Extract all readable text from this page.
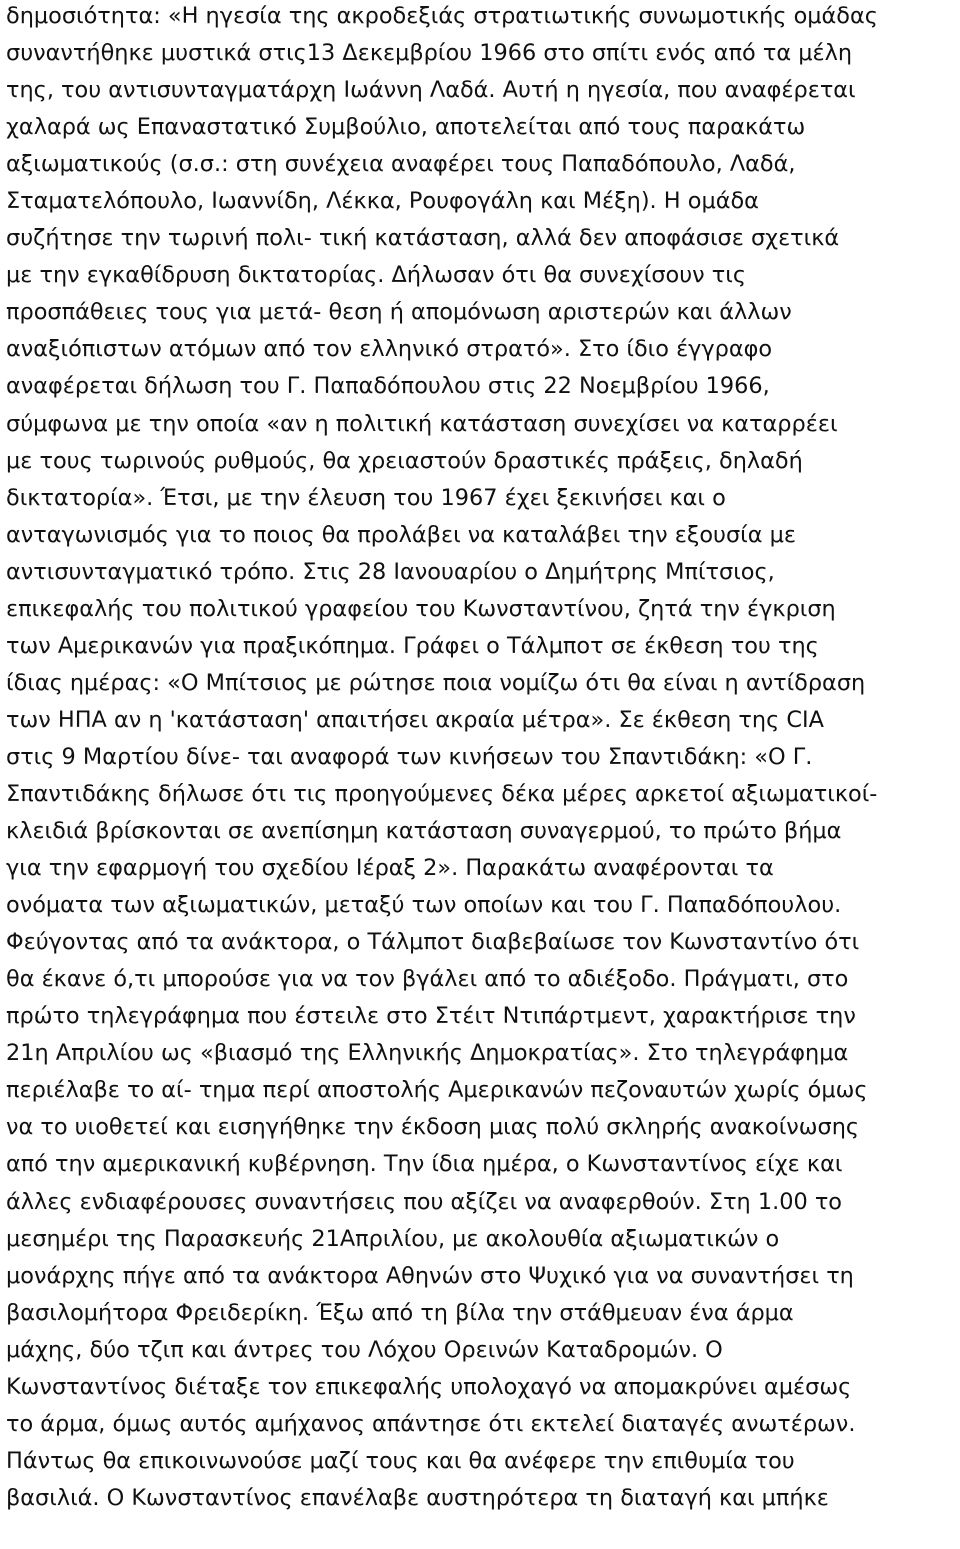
δημοσιότητα: «Η ηγεσία της ακροδεξιάς στρατιωτικής συνωμοτικής ομάδας
συναντήθηκε μυστικά στις13 Δεκεμβρίου 1966 στο σπίτι ενός από τα μέλη
της, του αντισυνταγματάρχη Ιωάννη Λαδά. Αυτή η ηγεσία, που αναφέρεται
χαλαρά ως Επαναστατικό Συμβούλιο, αποτελείται από τους παρακάτω
αξιωματικούς (σ.σ.: στη συνέχεια αναφέρει τους Παπαδόπουλο, Λαδά,
Σταματελόπουλο, Ιωαννίδη, Λέκκα, Ρουφογάλη και Μέξη). Η ομάδα
συζήτησε την τωρινή πολι- τική κατάσταση, αλλά δεν αποφάσισε σχετικά
με την εγκαθίδρυση δικτατορίας. Δήλωσαν ότι θα συνεχίσουν τις
προσπάθειες τους για μετά- θεση ή απομόνωση αριστερών και άλλων
αναξιόπιστων ατόμων από τον ελληνικό στρατό». Στο ίδιο έγγραφο
αναφέρεται δήλωση του Γ. Παπαδόπουλου στις 22 Νοεμβρίου 1966,
σύμφωνα με την οποία «αν η πολιτική κατάσταση συνεχίσει να καταρρέει
με τους τωρινούς ρυθμούς, θα χρειαστούν δραστικές πράξεις, δηλαδή
δικτατορία». Έτσι, με την έλευση του 1967 έχει ξεκινήσει και ο
ανταγωνισμός για το ποιος θα προλάβει να καταλάβει την εξουσία με
αντισυνταγματικό τρόπο. Στις 28 Ιανουαρίου ο Δημήτρης Μπίτσιος,
επικεφαλής του πολιτικού γραφείου του Κωνσταντίνου, ζητά την έγκριση
των Αμερικανών για πραξικόπημα. Γράφει ο Τάλμποτ σε έκθεση του της
ίδιας ημέρας: «Ο Μπίτσιος με ρώτησε ποια νομίζω ότι θα είναι η αντίδραση
των ΗΠΑ αν η 'κατάσταση' απαιτήσει ακραία μέτρα». Σε έκθεση της CIA
στις 9 Μαρτίου δίνε- ται αναφορά των κινήσεων του Σπαντιδάκη: «Ο Γ.
Σπαντιδάκης δήλωσε ότι τις προηγούμενες δέκα μέρες αρκετοί αξιωματικοί-
κλειδιά βρίσκονται σε ανεπίσημη κατάσταση συναγερμού, το πρώτο βήμα
για την εφαρμογή του σχεδίου Ιέραξ 2». Παρακάτω αναφέρονται τα
ονόματα των αξιωματικών, μεταξύ των οποίων και του Γ. Παπαδόπουλου.
Φεύγοντας από τα ανάκτορα, ο Τάλμποτ διαβεβαίωσε τον Κωνσταντίνο ότι
θα έκανε ό,τι μπορούσε για να τον βγάλει από το αδιέξοδο. Πράγματι, στο
πρώτο τηλεγράφημα που έστειλε στο Στέιτ Ντιπάρτμεντ, χαρακτήρισε την
21η Απριλίου ως «βιασμό της Ελληνικής Δημοκρατίας». Στο τηλεγράφημα
περιέλαβε το αί- τημα περί αποστολής Αμερικανών πεζοναυτών χωρίς όμως
να το υιοθετεί και εισηγήθηκε την έκδοση μιας πολύ σκληρής ανακοίνωσης
από την αμερικανική κυβέρνηση. Την ίδια ημέρα, ο Κωνσταντίνος είχε και
άλλες ενδιαφέρουσες συναντήσεις που αξίζει να αναφερθούν. Στη 1.00 το
μεσημέρι της Παρασκευής 21Απριλίου, με ακολουθία αξιωματικών ο
μονάρχης πήγε από τα ανάκτορα Αθηνών στο Ψυχικό για να συναντήσει τη
βασιλομήτορα Φρειδερίκη. Έξω από τη βίλα την στάθμευαν ένα άρμα
μάχης, δύο τζιπ και άντρες του Λόχου Ορεινών Καταδρομών. Ο
Κωνσταντίνος διέταξε τον επικεφαλής υπολοχαγό να απομακρύνει αμέσως
το άρμα, όμως αυτός αμήχανος απάντησε ότι εκτελεί διαταγές ανωτέρων.
Πάντως θα επικοινωνούσε μαζί τους και θα ανέφερε την επιθυμία του
βασιλιά. Ο Κωνσταντίνος επανέλαβε αυστηρότερα τη διαταγή και μπήκε
